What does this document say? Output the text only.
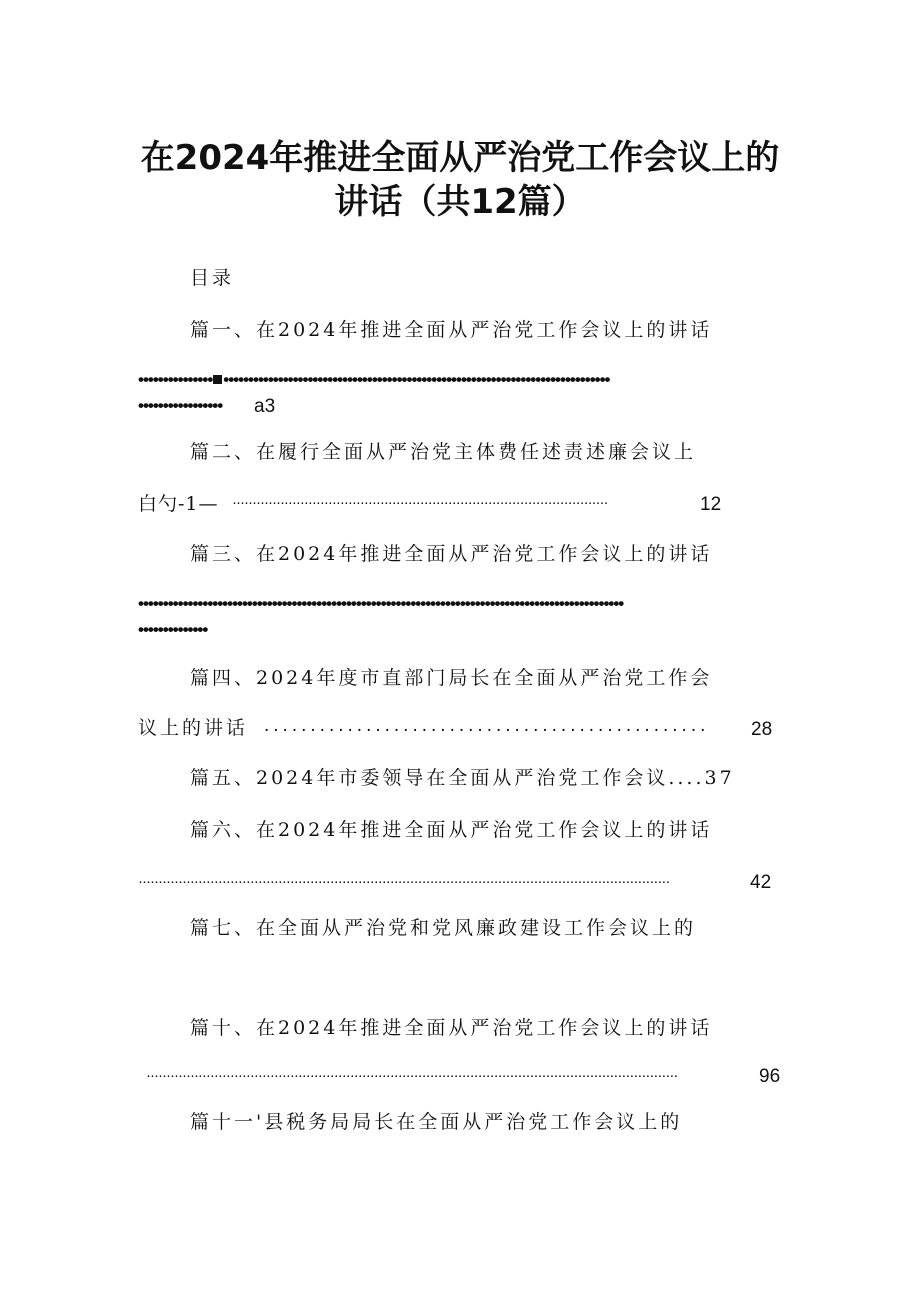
在2024年推进全面从严治党工作会议上的
讲话（共12篇）
目录
篇一、在2024年推进全面从严治党工作会议上的讲话
••••••••••••••• ••••••••••••••••••••••••••••••••••••••••••••••••••••••••••••••••••••••••••••••
•••••••••••••••••	a3
篇二、在履行全面从严治党主体费任述责述廉会议上
白勺-1— ······························································································	12
篇三、在2024年推进全面从严治党工作会议上的讲话
••••••••••••••••••••••••••••••••••••••••••••••••••••••••••••••••••••••••••••••••••••••••••••••••••
••••••••••••••
篇四、2024年度市直部门局长在全面从严治党工作会
议上的讲话 ................................................	28
篇五、2024年市委领导在全面从严治党工作会议....37
篇六、在2024年推进全面从严治党工作会议上的讲话
·····································································································································	42
篇七、在全面从严治党和党风廉政建设工作会议上的
篇十、在2024年推进全面从严治党工作会议上的讲话
·····································································································································	96
篇十一'县税务局局长在全面从严治党工作会议上的
